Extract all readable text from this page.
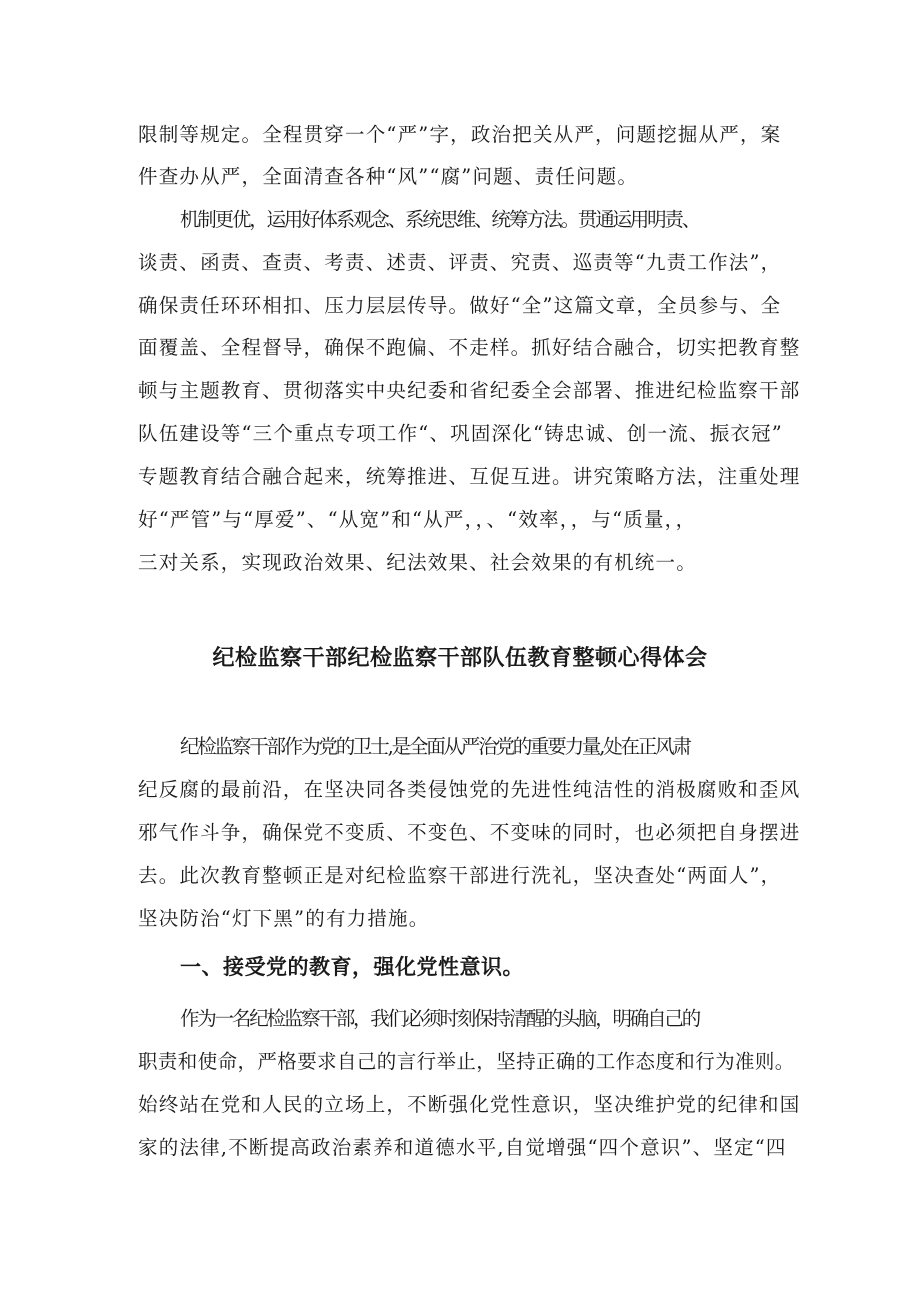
限制等规定。全程贯穿一个“严”字，政治把关从严，问题挖掘从严，案
件查办从严，全面清查各种“风”“腐”问题、责任问题。
机制更优，运用好体系观念、系统思维、统筹方法。贯通运用明责、
谈责、函责、查责、考责、述责、评责、究责、巡责等“九责工作法”，
确保责任环环相扣、压力层层传导。做好“全”这篇文章，全员参与、全
面覆盖、全程督导，确保不跑偏、不走样。抓好结合融合，切实把教育整
顿与主题教育、贯彻落实中央纪委和省纪委全会部署、推进纪检监察干部
队伍建设等“三个重点专项工作“、巩固深化“铸忠诚、创一流、振衣冠”
专题教育结合融合起来，统筹推进、互促互进。讲究策略方法，注重处理
好“严管”与“厚爱”、“从宽”和“从严，，、“效率，，与“质量，，
三对关系，实现政治效果、纪法效果、社会效果的有机统一。
纪检监察干部纪检监察干部队伍教育整顿心得体会
纪检监察干部作为党的卫士,是全面从严治党的重要力量,处在正风肃
纪反腐的最前沿，在坚决同各类侵蚀党的先进性纯洁性的消极腐败和歪风
邪气作斗争，确保党不变质、不变色、不变味的同时，也必须把自身摆进
去。此次教育整顿正是对纪检监察干部进行洗礼，坚决查处“两面人”，
坚决防治“灯下黑”的有力措施。
一、接受党的教育，强化党性意识。
作为一名纪检监察干部，我们必须时刻保持清醒的头脑，明确自己的
职责和使命，严格要求自己的言行举止，坚持正确的工作态度和行为准则。
始终站在党和人民的立场上，不断强化党性意识，坚决维护党的纪律和国
家的法律,不断提高政治素养和道德水平,自觉增强“四个意识”、坚定“四
